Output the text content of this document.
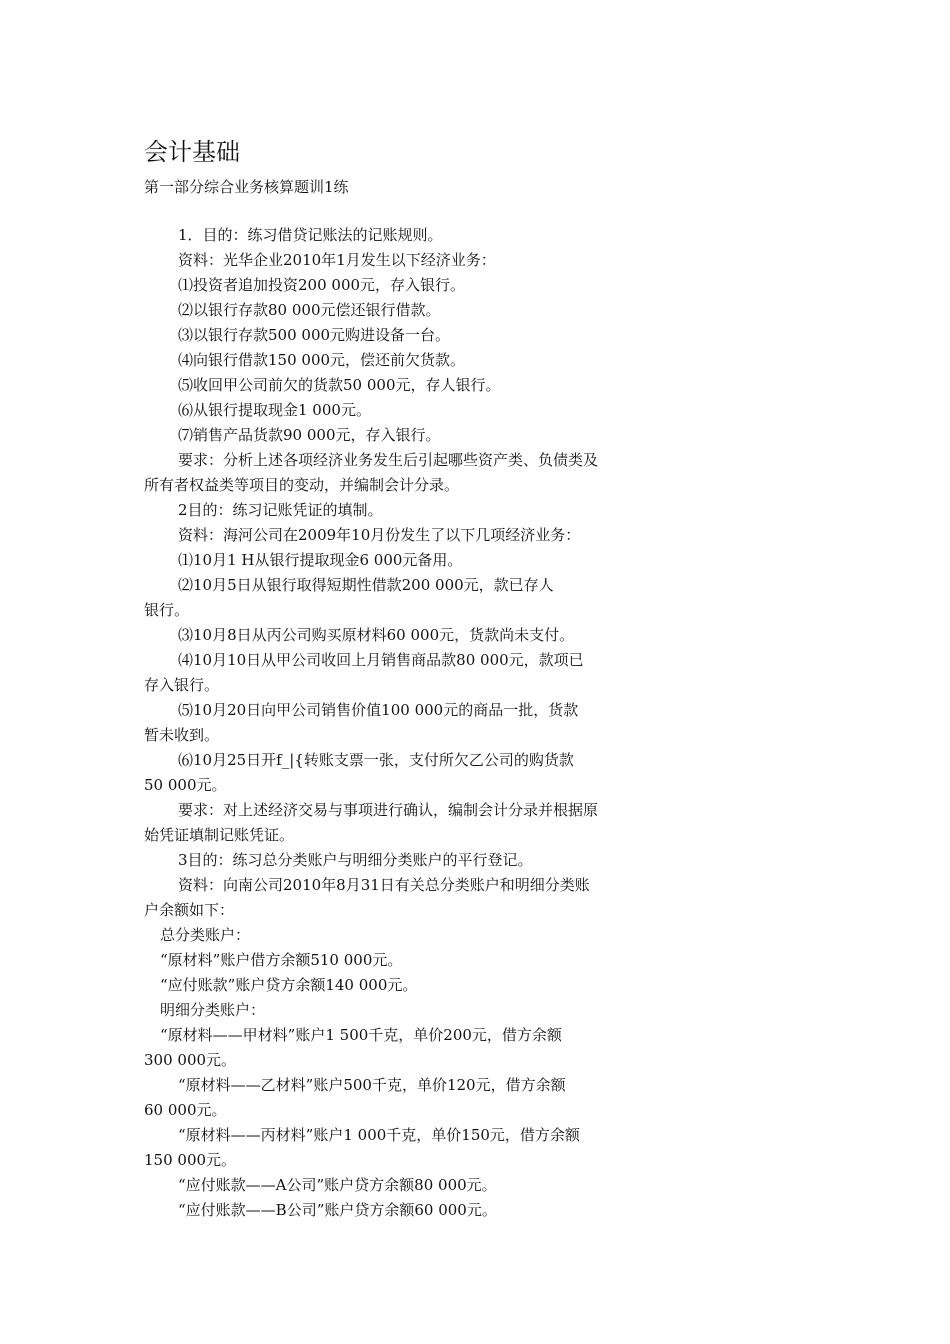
会计基础
第一部分综合业务核算题训1练
1．目的：练习借贷记账法的记账规则。
资料：光华企业2010年1月发生以下经济业务：
⑴投资者追加投资200 000元，存入银行。
⑵以银行存款80 000元偿还银行借款。
⑶以银行存款500 000元购进设备一台。
⑷向银行借款150 000元，偿还前欠货款。
⑸收回甲公司前欠的货款50 000元，存人银行。
⑹从银行提取现金1 000元。
⑺销售产品货款90 000元，存入银行。
要求：分析上述各项经济业务发生后引起哪些资产类、负债类及
所有者权益类等项目的变动，并编制会计分录。
2目的：练习记账凭证的填制。
资料：海河公司在2009年10月份发生了以下几项经济业务：
⑴10月1 H从银行提取现金6 000元备用。
⑵10月5日从银行取得短期性借款200 000元，款已存人
银行。
⑶10月8日从丙公司购买原材料60 000元，货款尚未支付。
⑷10月10日从甲公司收回上月销售商品款80 000元，款项已
存入银行。
⑸10月20日向甲公司销售价值100 000元的商品一批，货款
暂未收到。
⑹10月25日开f_|{转账支票一张，支付所欠乙公司的购货款
50 000元。
要求：对上述经济交易与事项进行确认，编制会计分录并根据原
始凭证填制记账凭证。
3目的：练习总分类账户与明细分类账户的平行登记。
资料：向南公司2010年8月31日有关总分类账户和明细分类账
户余额如下：
总分类账户：
“原材料”账户借方余额510 000元。
“应付账款”账户贷方余额140 000元。
明细分类账户：
“原材料——甲材料”账户1 500千克，单价200元，借方余额
300 000元。
“原材料——乙材料”账户500千克，单价120元，借方余额
60 000元。
“原材料——丙材料”账户1 000千克，单价150元，借方余额
150 000元。
“应付账款——A公司”账户贷方余额80 000元。
“应付账款——B公司”账户贷方余额60 000元。
